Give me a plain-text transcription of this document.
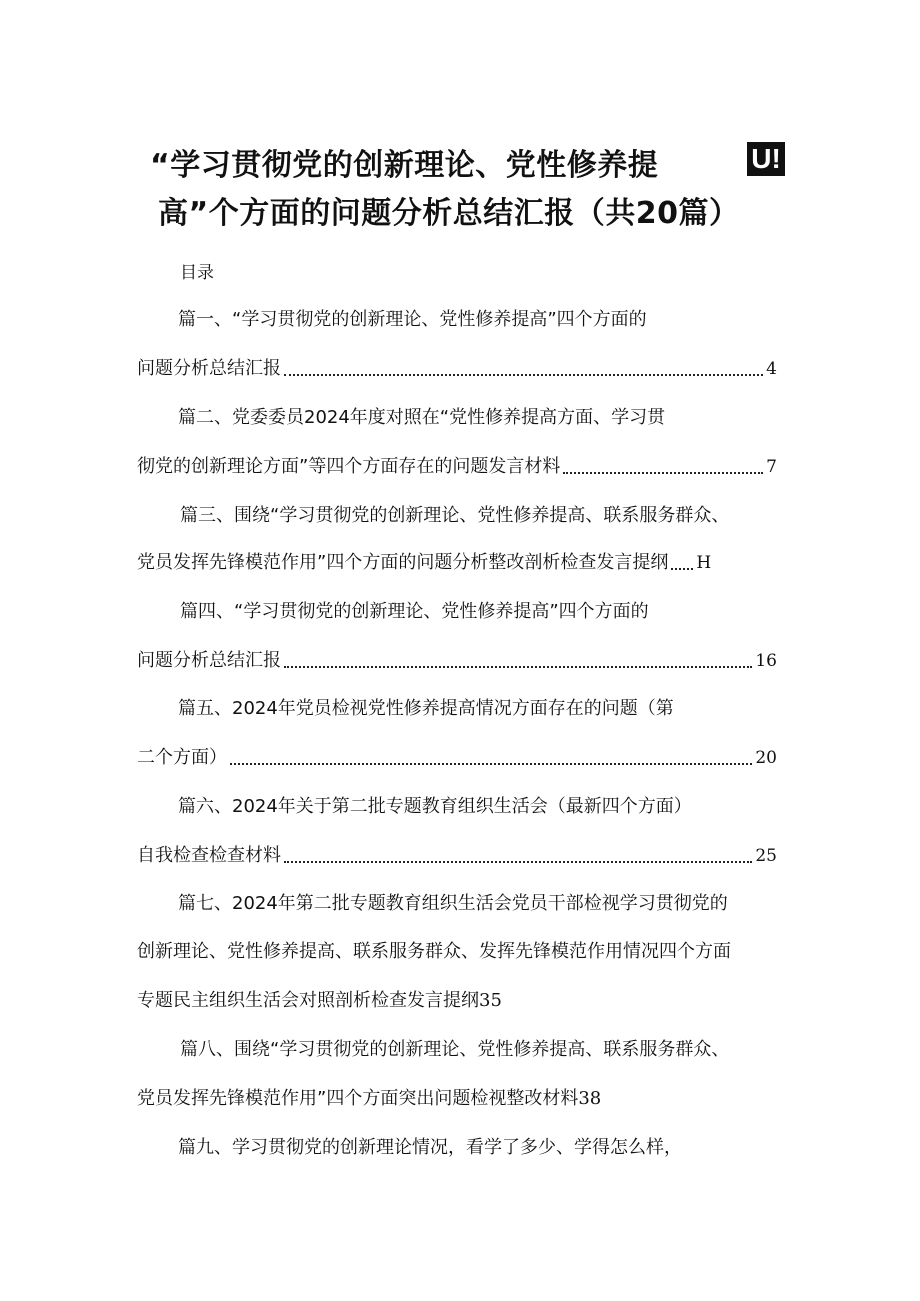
“学习贯彻党的创新理论、党性修养提	U!
高”个方面的问题分析总结汇报（共20篇）
目录
篇一、“学习贯彻党的创新理论、党性修养提高”四个方面的
问题分析总结汇报	4
篇二、党委委员2024年度对照在“党性修养提高方面、学习贯
彻党的创新理论方面”等四个方面存在的问题发言材料	7
篇三、围绕“学习贯彻党的创新理论、党性修养提高、联系服务群众、
党员发挥先锋模范作用”四个方面的问题分析整改剖析检查发言提纲 H
篇四、“学习贯彻党的创新理论、党性修养提高”四个方面的
问题分析总结汇报	16
篇五、2024年党员检视党性修养提高情况方面存在的问题（第
二个方面）	20
篇六、2024年关于第二批专题教育组织生活会（最新四个方面）
自我检查检查材料	25
篇七、2024年第二批专题教育组织生活会党员干部检视学习贯彻党的
创新理论、党性修养提高、联系服务群众、发挥先锋模范作用情况四个方面
专题民主组织生活会对照剖析检查发言提纲35
篇八、围绕“学习贯彻党的创新理论、党性修养提高、联系服务群众、
党员发挥先锋模范作用”四个方面突出问题检视整改材料38
篇九、学习贯彻党的创新理论情况，看学了多少、学得怎么样，
